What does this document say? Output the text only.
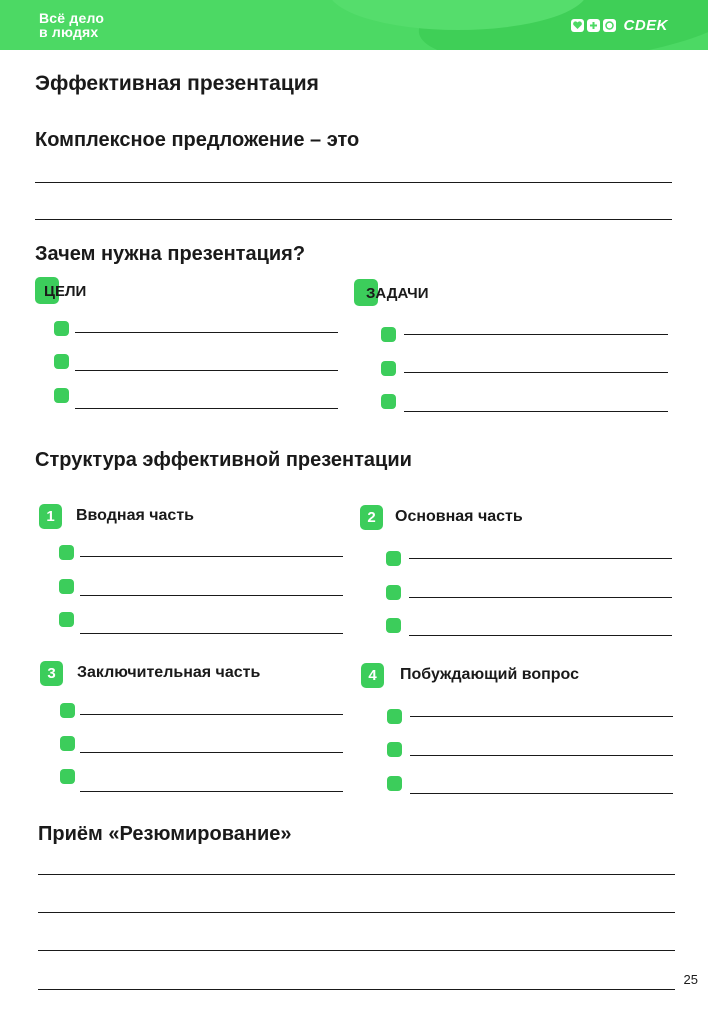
Всё дело
в людях	CDEK
Эффективная презентация
Комплексное предложение – это
Зачем нужна презентация?
ЦЕЛИ	ЗАДАЧИ
Структура эффективной презентации
1	Вводная часть	2	Основная часть
3	Заключительная часть	4	Побуждающий вопрос
Приём «Резюмирование»
25
